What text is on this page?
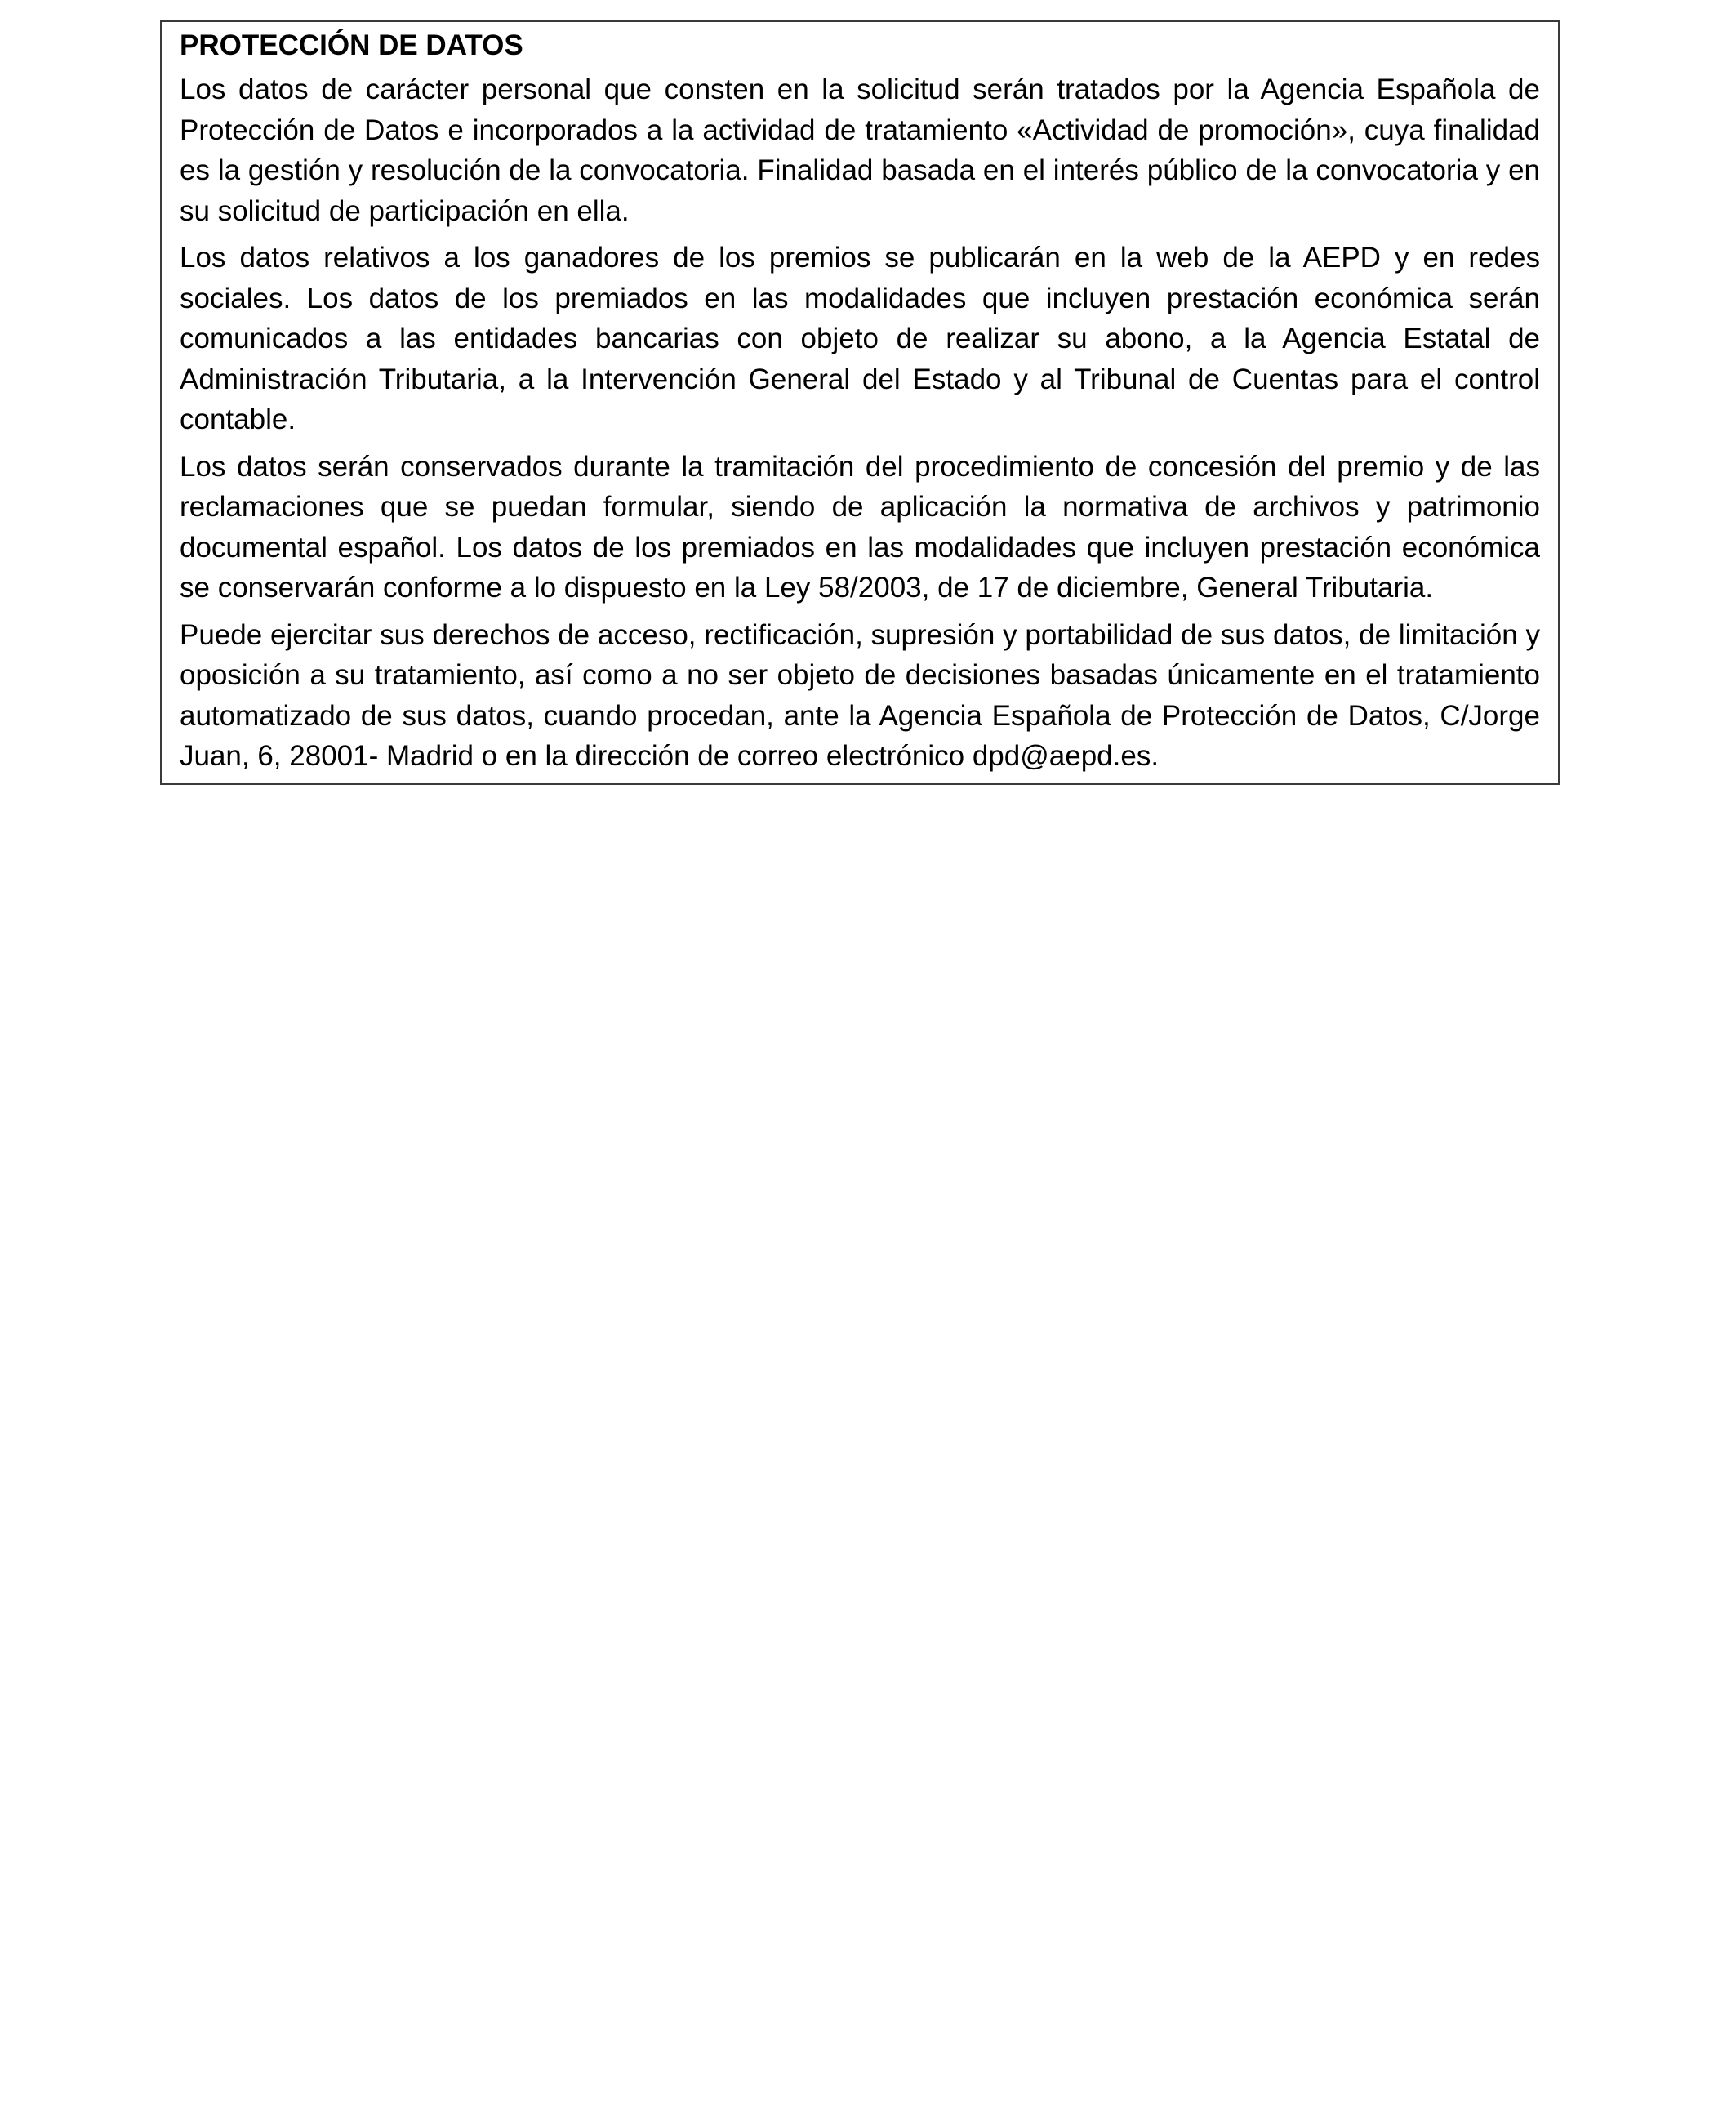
PROTECCIÓN DE DATOS

Los datos de carácter personal que consten en la solicitud serán tratados por la Agencia Española de Protección de Datos e incorporados a la actividad de tratamiento «Actividad de promoción», cuya finalidad es la gestión y resolución de la convocatoria. Finalidad basada en el interés público de la convocatoria y en su solicitud de participación en ella.

Los datos relativos a los ganadores de los premios se publicarán en la web de la AEPD y en redes sociales. Los datos de los premiados en las modalidades que incluyen prestación económica serán comunicados a las entidades bancarias con objeto de realizar su abono, a la Agencia Estatal de Administración Tributaria, a la Intervención General del Estado y al Tribunal de Cuentas para el control contable.

Los datos serán conservados durante la tramitación del procedimiento de concesión del premio y de las reclamaciones que se puedan formular, siendo de aplicación la normativa de archivos y patrimonio documental español. Los datos de los premiados en las modalidades que incluyen prestación económica se conservarán conforme a lo dispuesto en la Ley 58/2003, de 17 de diciembre, General Tributaria.

Puede ejercitar sus derechos de acceso, rectificación, supresión y portabilidad de sus datos, de limitación y oposición a su tratamiento, así como a no ser objeto de decisiones basadas únicamente en el tratamiento automatizado de sus datos, cuando procedan, ante la Agencia Española de Protección de Datos, C/Jorge Juan, 6, 28001- Madrid o en la dirección de correo electrónico dpd@aepd.es.
